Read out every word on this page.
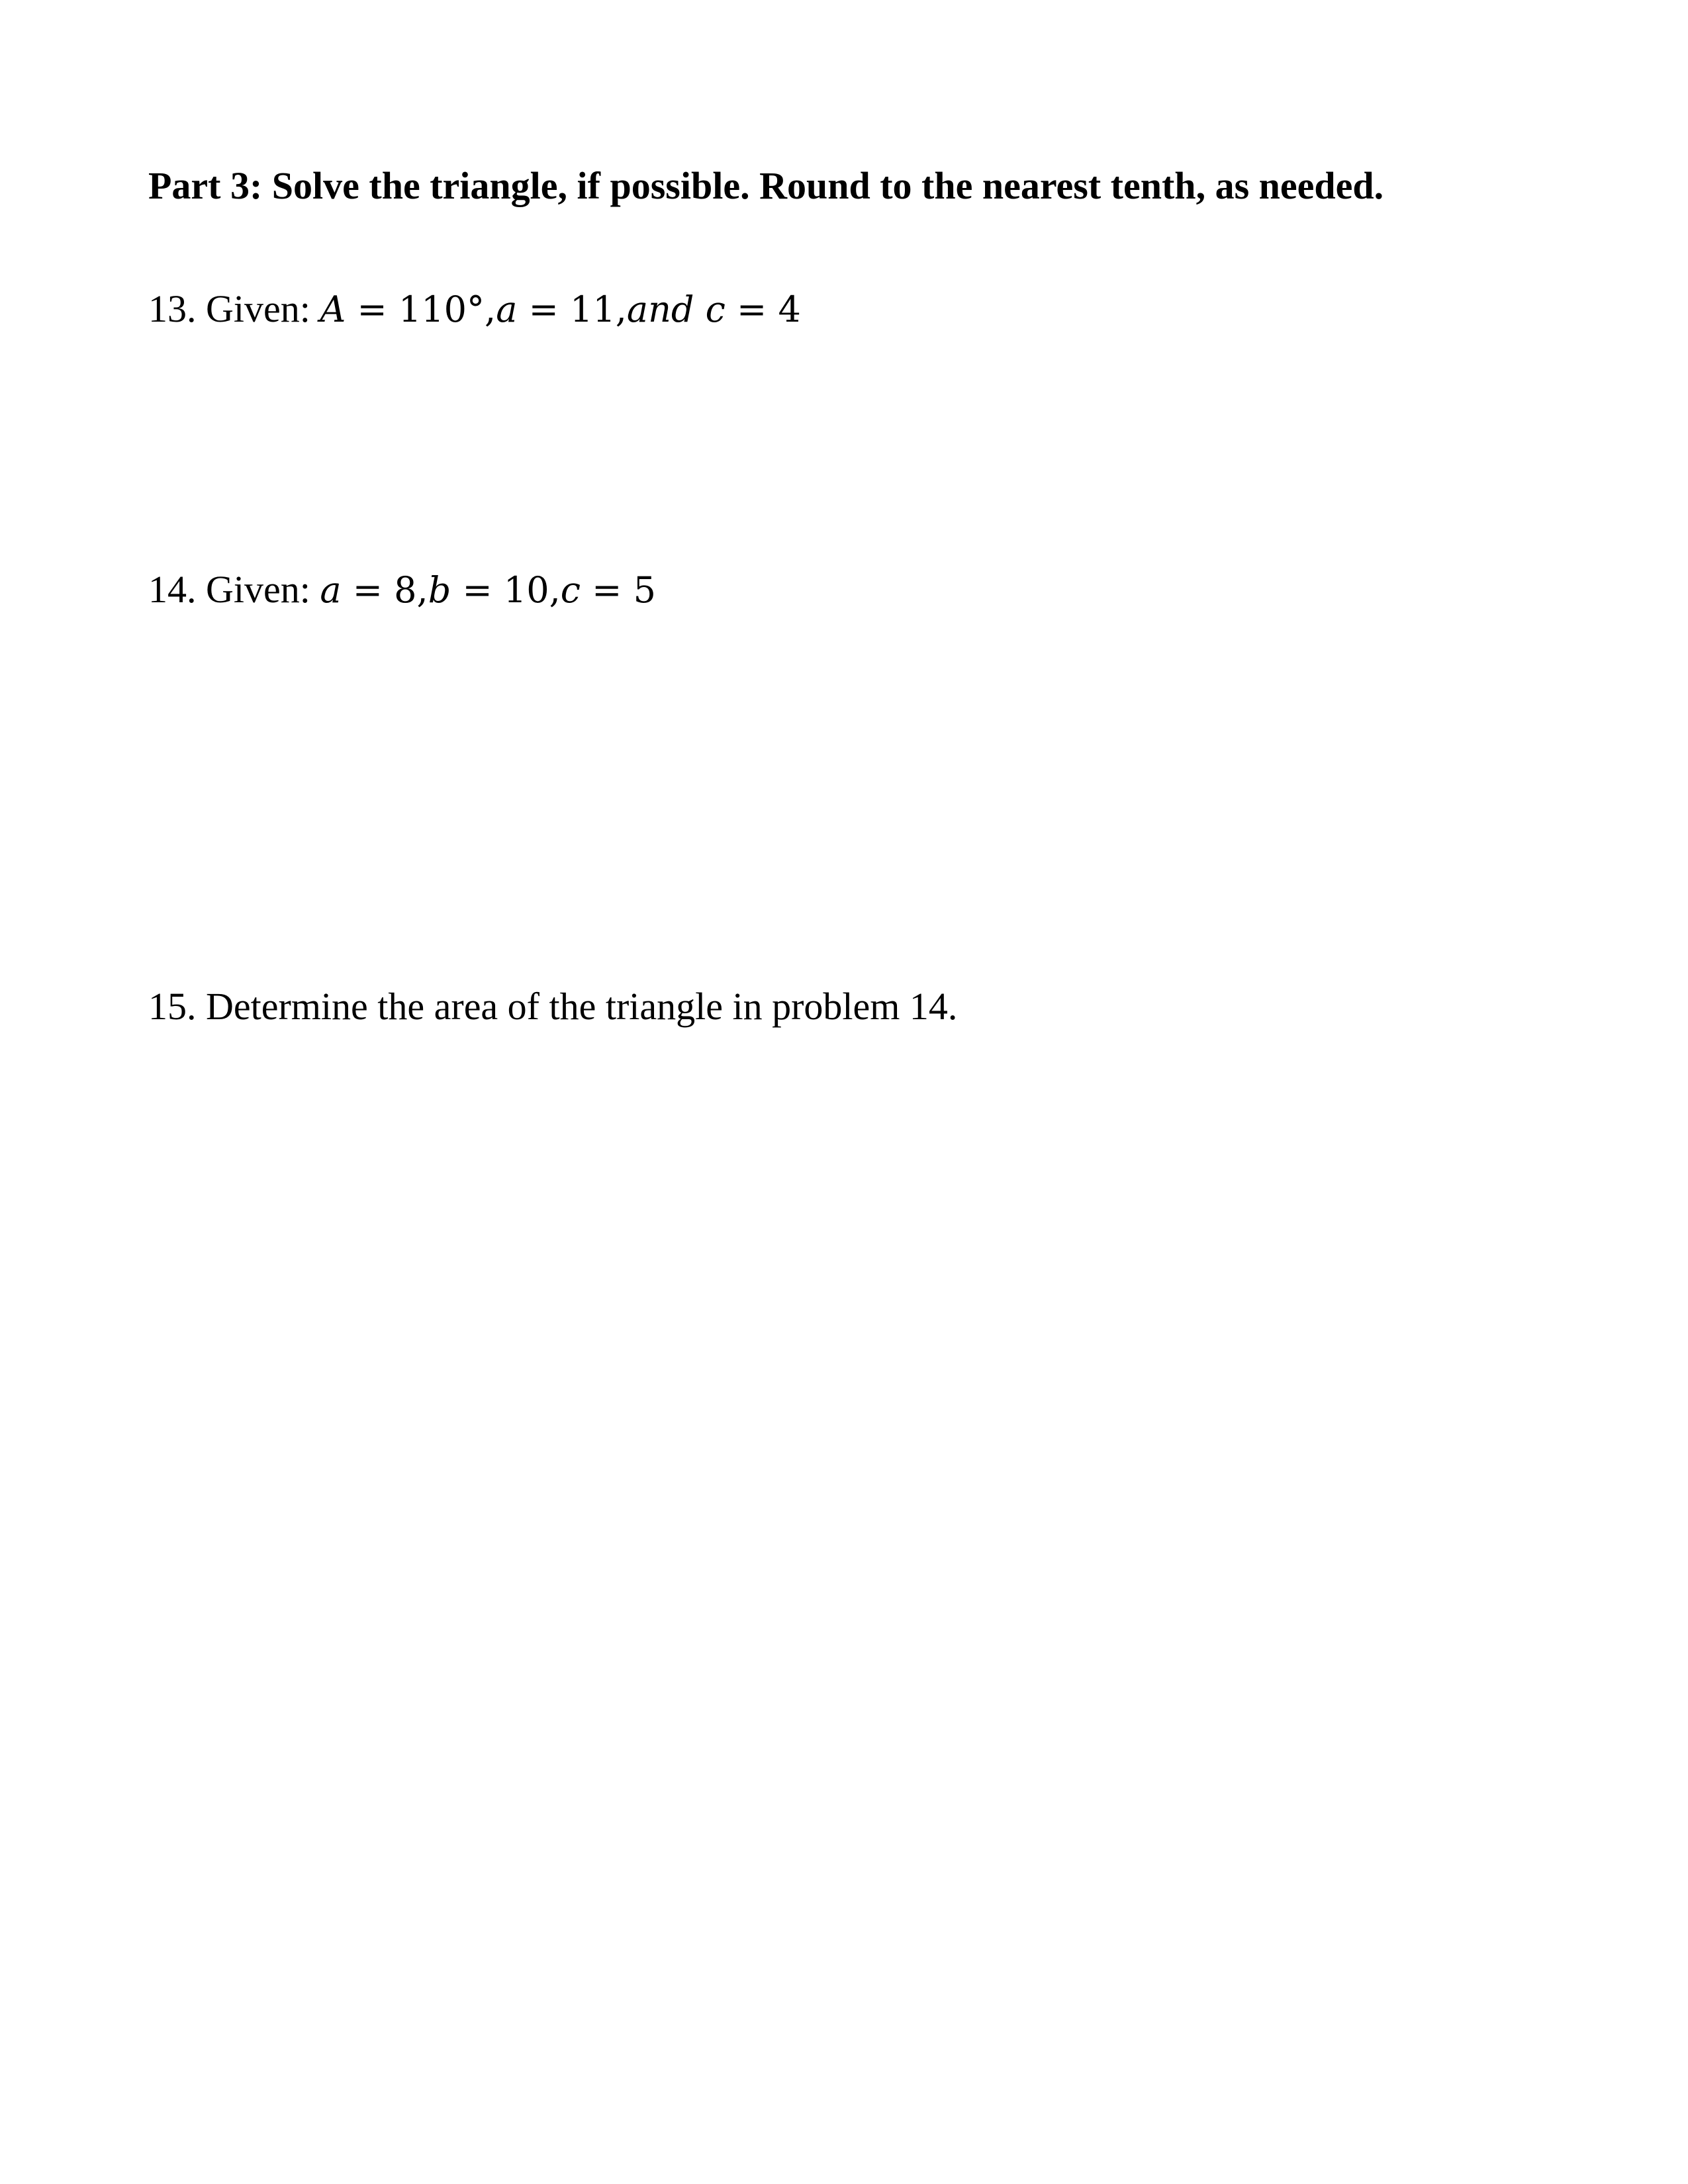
Part 3: Solve the triangle, if possible. Round to the nearest tenth, as needed.
13. Given: A = 110°,a = 11,and c = 4
14. Given: a = 8,b = 10,c = 5
15. Determine the area of the triangle in problem 14.
